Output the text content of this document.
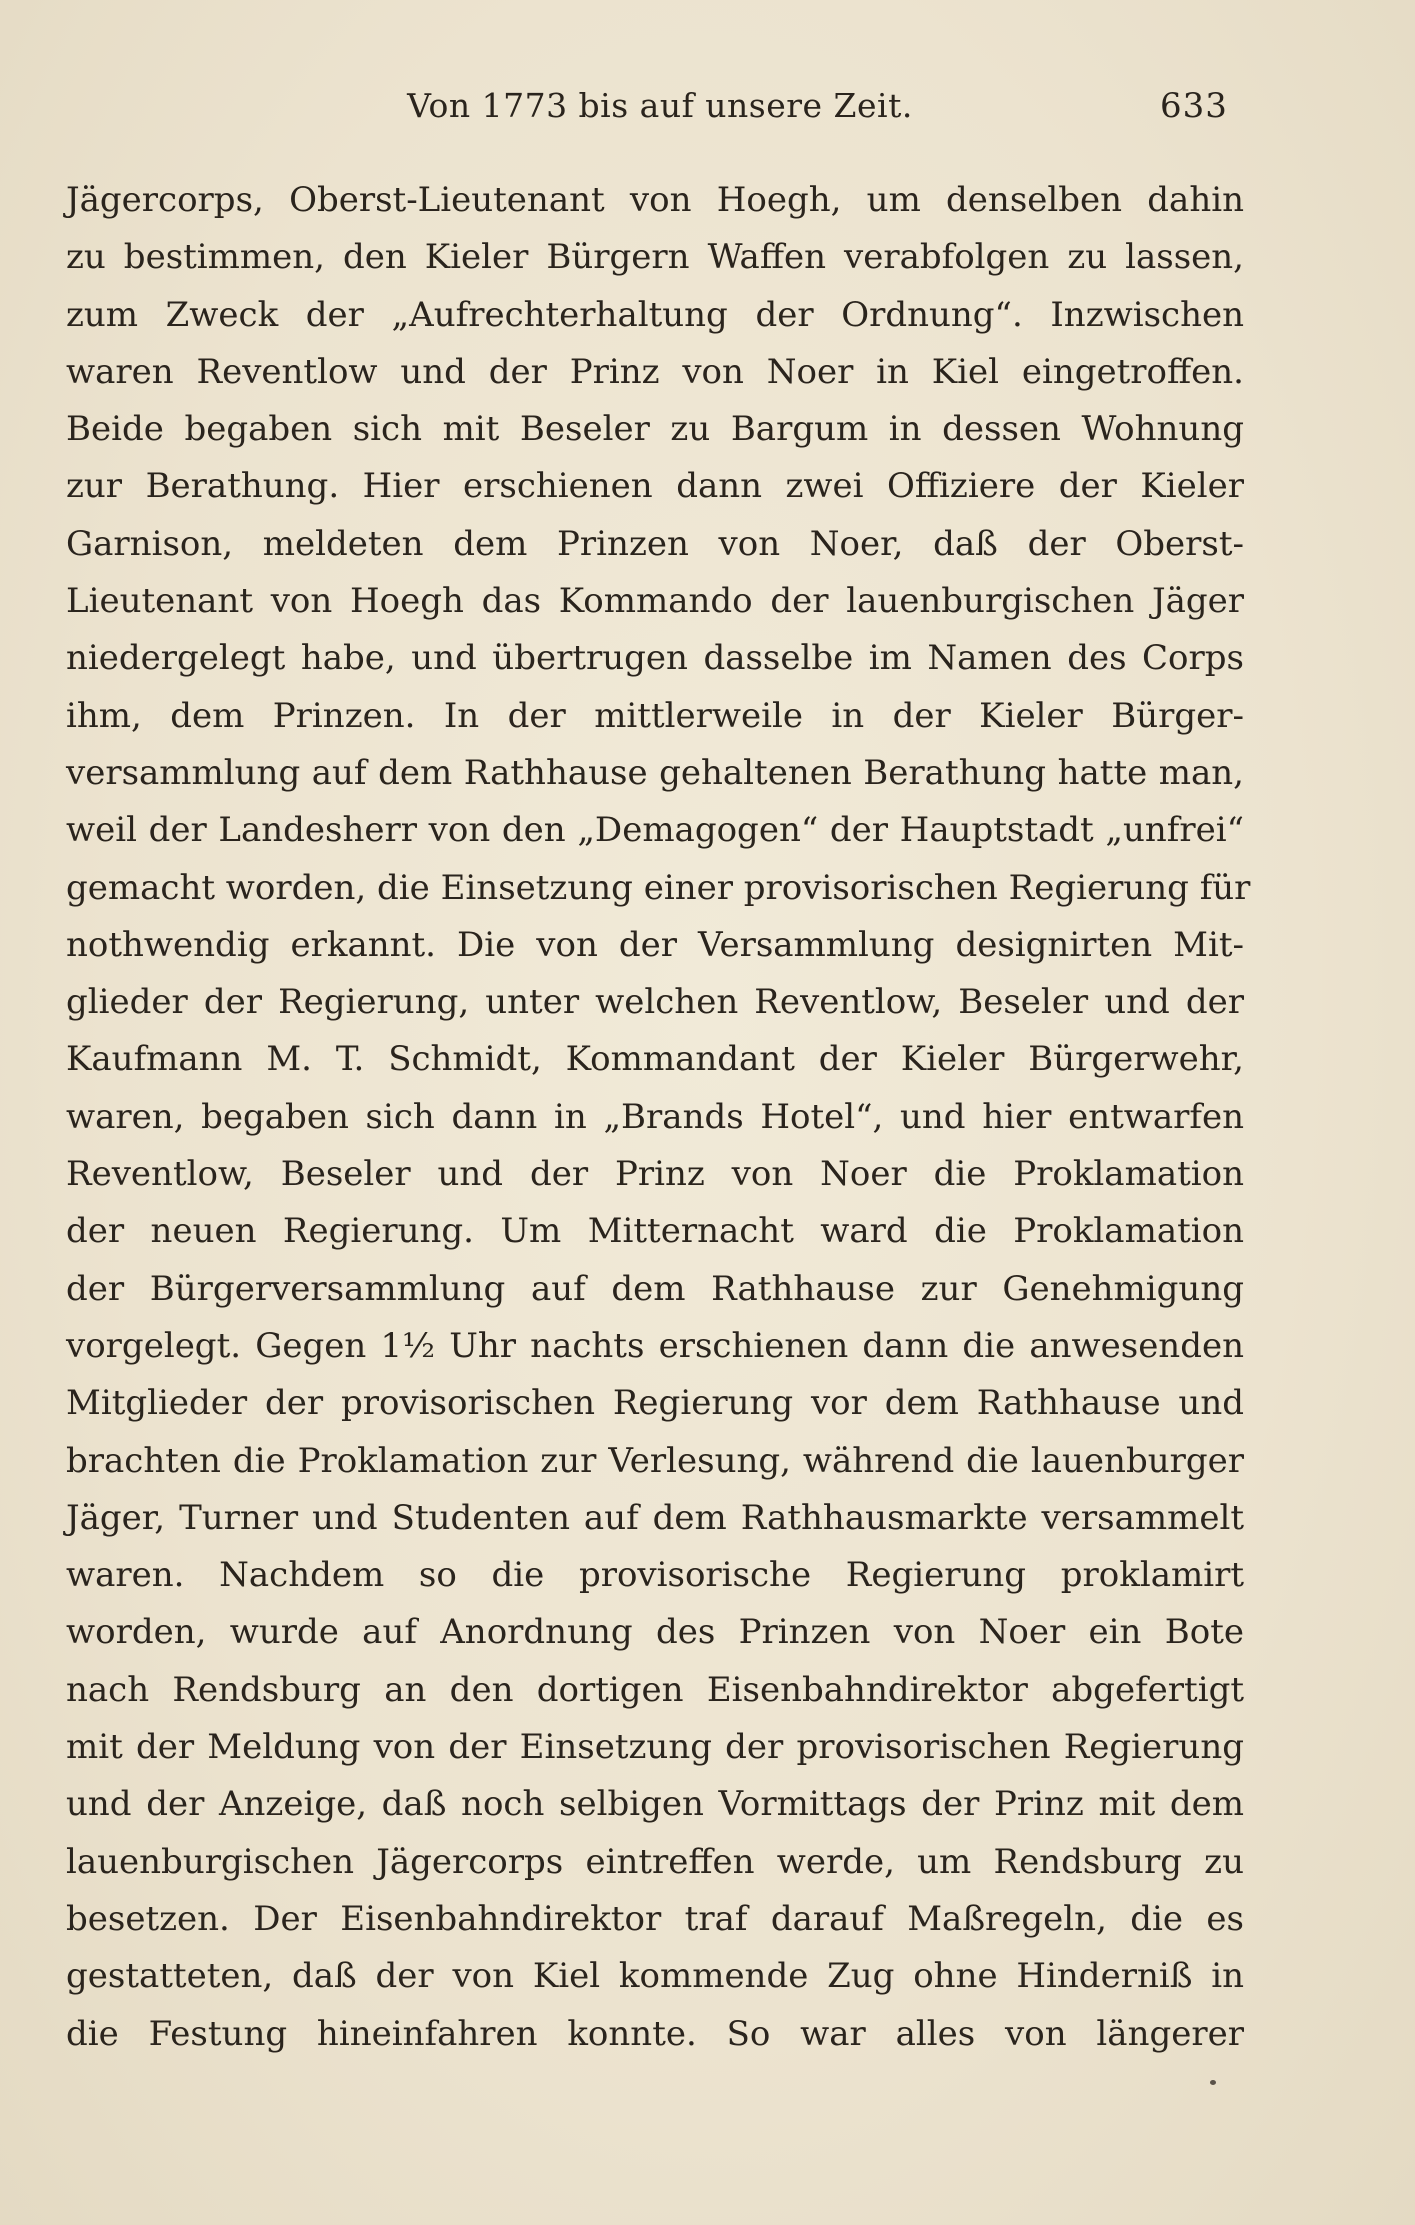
Von 1773 bis auf unsere Zeit.	633
Jägercorps, Oberst-Lieutenant von Hoegh, um denselben dahin
zu bestimmen, den Kieler Bürgern Waffen verabfolgen zu lassen,
zum Zweck der „Aufrechterhaltung der Ordnung“. Inzwischen
waren Reventlow und der Prinz von Noer in Kiel eingetroffen.
Beide begaben sich mit Beseler zu Bargum in dessen Wohnung
zur Berathung. Hier erschienen dann zwei Offiziere der Kieler
Garnison, meldeten dem Prinzen von Noer, daß der Oberst-
Lieutenant von Hoegh das Kommando der lauenburgischen Jäger
niedergelegt habe, und übertrugen dasselbe im Namen des Corps
ihm, dem Prinzen. In der mittlerweile in der Kieler Bürger-
versammlung auf dem Rathhause gehaltenen Berathung hatte man,
weil der Landesherr von den „Demagogen“ der Hauptstadt „unfrei“
gemacht worden, die Einsetzung einer provisorischen Regierung für
nothwendig erkannt. Die von der Versammlung designirten Mit-
glieder der Regierung, unter welchen Reventlow, Beseler und der
Kaufmann M. T. Schmidt, Kommandant der Kieler Bürgerwehr,
waren, begaben sich dann in „Brands Hotel“, und hier entwarfen
Reventlow, Beseler und der Prinz von Noer die Proklamation
der neuen Regierung. Um Mitternacht ward die Proklamation
der Bürgerversammlung auf dem Rathhause zur Genehmigung
vorgelegt. Gegen 1½ Uhr nachts erschienen dann die anwesenden
Mitglieder der provisorischen Regierung vor dem Rathhause und
brachten die Proklamation zur Verlesung, während die lauenburger
Jäger, Turner und Studenten auf dem Rathhausmarkte versammelt
waren. Nachdem so die provisorische Regierung proklamirt
worden, wurde auf Anordnung des Prinzen von Noer ein Bote
nach Rendsburg an den dortigen Eisenbahndirektor abgefertigt
mit der Meldung von der Einsetzung der provisorischen Regierung
und der Anzeige, daß noch selbigen Vormittags der Prinz mit dem
lauenburgischen Jägercorps eintreffen werde, um Rendsburg zu
besetzen. Der Eisenbahndirektor traf darauf Maßregeln, die es
gestatteten, daß der von Kiel kommende Zug ohne Hinderniß in
die Festung hineinfahren konnte. So war alles von längerer
